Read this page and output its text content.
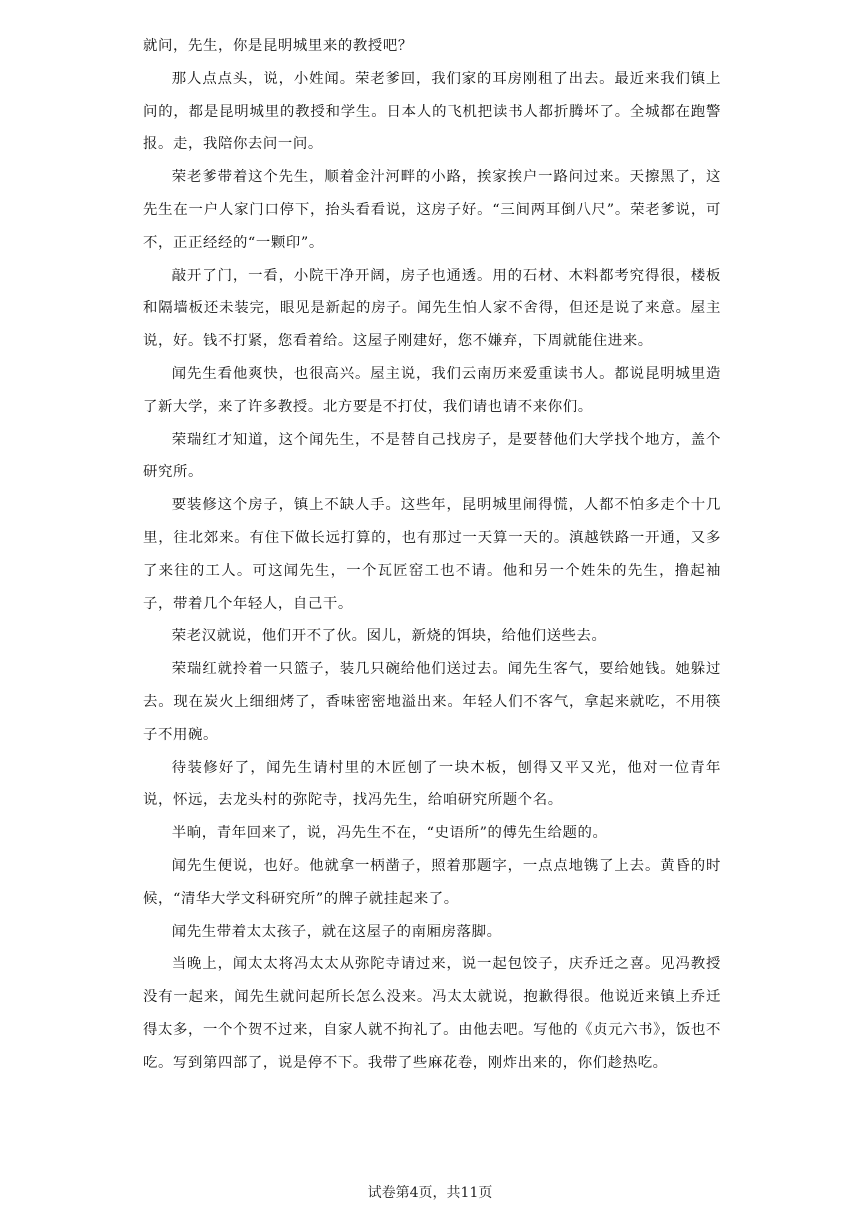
就问，先生，你是昆明城里来的教授吧？

那人点点头，说，小姓闻。荣老爹回，我们家的耳房刚租了出去。最近来我们镇上问的，都是昆明城里的教授和学生。日本人的飞机把读书人都折腾坏了。全城都在跑警报。走，我陪你去问一问。

荣老爹带着这个先生，顺着金汁河畔的小路，挨家挨户一路问过来。天擦黑了，这先生在一户人家门口停下，抬头看看说，这房子好。“三间两耳倒八尺”。荣老爹说，可不，正正经经的“一颗印”。

敲开了门，一看，小院干净开阔，房子也通透。用的石材、木料都考究得很，楼板和隔墙板还未装完，眼见是新起的房子。闻先生怕人家不舍得，但还是说了来意。屋主说，好。钱不打紧，您看着给。这屋子刚建好，您不嫌弃，下周就能住进来。

闻先生看他爽快，也很高兴。屋主说，我们云南历来爱重读书人。都说昆明城里造了新大学，来了许多教授。北方要是不打仗，我们请也请不来你们。

荣瑞红才知道，这个闻先生，不是替自己找房子，是要替他们大学找个地方，盖个研究所。

要装修这个房子，镇上不缺人手。这些年，昆明城里闹得慌，人都不怕多走个十几里，往北郊来。有住下做长远打算的，也有那过一天算一天的。滇越铁路一开通，又多了来往的工人。可这闻先生，一个瓦匠窑工也不请。他和另一个姓朱的先生，撸起袖子，带着几个年轻人，自己干。

荣老汉就说，他们开不了伙。囡儿，新烧的饵块，给他们送些去。

荣瑞红就拎着一只篮子，装几只碗给他们送过去。闻先生客气，要给她钱。她躲过去。现在炭火上细细烤了，香味密密地溢出来。年轻人们不客气，拿起来就吃，不用筷子不用碗。

待装修好了，闻先生请村里的木匠刨了一块木板，刨得又平又光，他对一位青年说，怀远，去龙头村的弥陀寺，找冯先生，给咱研究所题个名。

半晌，青年回来了，说，冯先生不在，“史语所”的傅先生给题的。

闻先生便说，也好。他就拿一柄凿子，照着那题字，一点点地镌了上去。黄昏的时候，“清华大学文科研究所”的牌子就挂起来了。

闻先生带着太太孩子，就在这屋子的南厢房落脚。

当晚上，闻太太将冯太太从弥陀寺请过来，说一起包饺子，庆乔迁之喜。见冯教授没有一起来，闻先生就问起所长怎么没来。冯太太就说，抱歉得很。他说近来镇上乔迁得太多，一个个贺不过来，自家人就不拘礼了。由他去吧。写他的《贞元六书》，饭也不吃。写到第四部了，说是停不下。我带了些麻花卷，刚炸出来的，你们趁热吃。

试卷第4页，共11页
